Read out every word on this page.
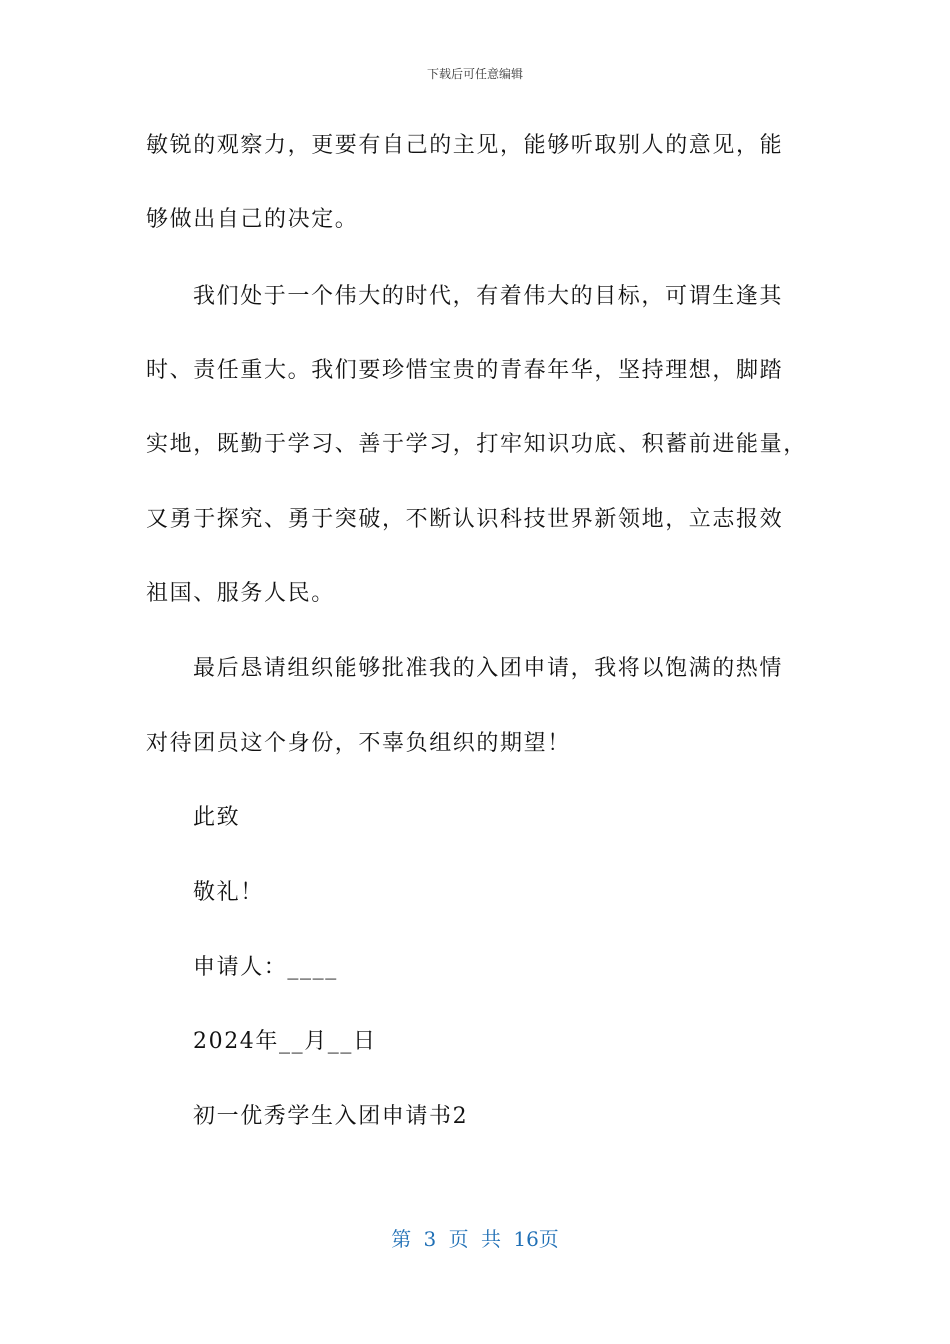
下载后可任意编辑
敏锐的观察力，更要有自己的主见，能够听取别人的意见，能
够做出自己的决定。
我们处于一个伟大的时代，有着伟大的目标，可谓生逢其
时、责任重大。我们要珍惜宝贵的青春年华，坚持理想，脚踏
实地，既勤于学习、善于学习，打牢知识功底、积蓄前进能量，
又勇于探究、勇于突破，不断认识科技世界新领地，立志报效
祖国、服务人民。
最后恳请组织能够批准我的入团申请，我将以饱满的热情
对待团员这个身份，不辜负组织的期望！
此致
敬礼！
申请人：____
2024年__月__日
初一优秀学生入团申请书2
第 3 页 共 16页
